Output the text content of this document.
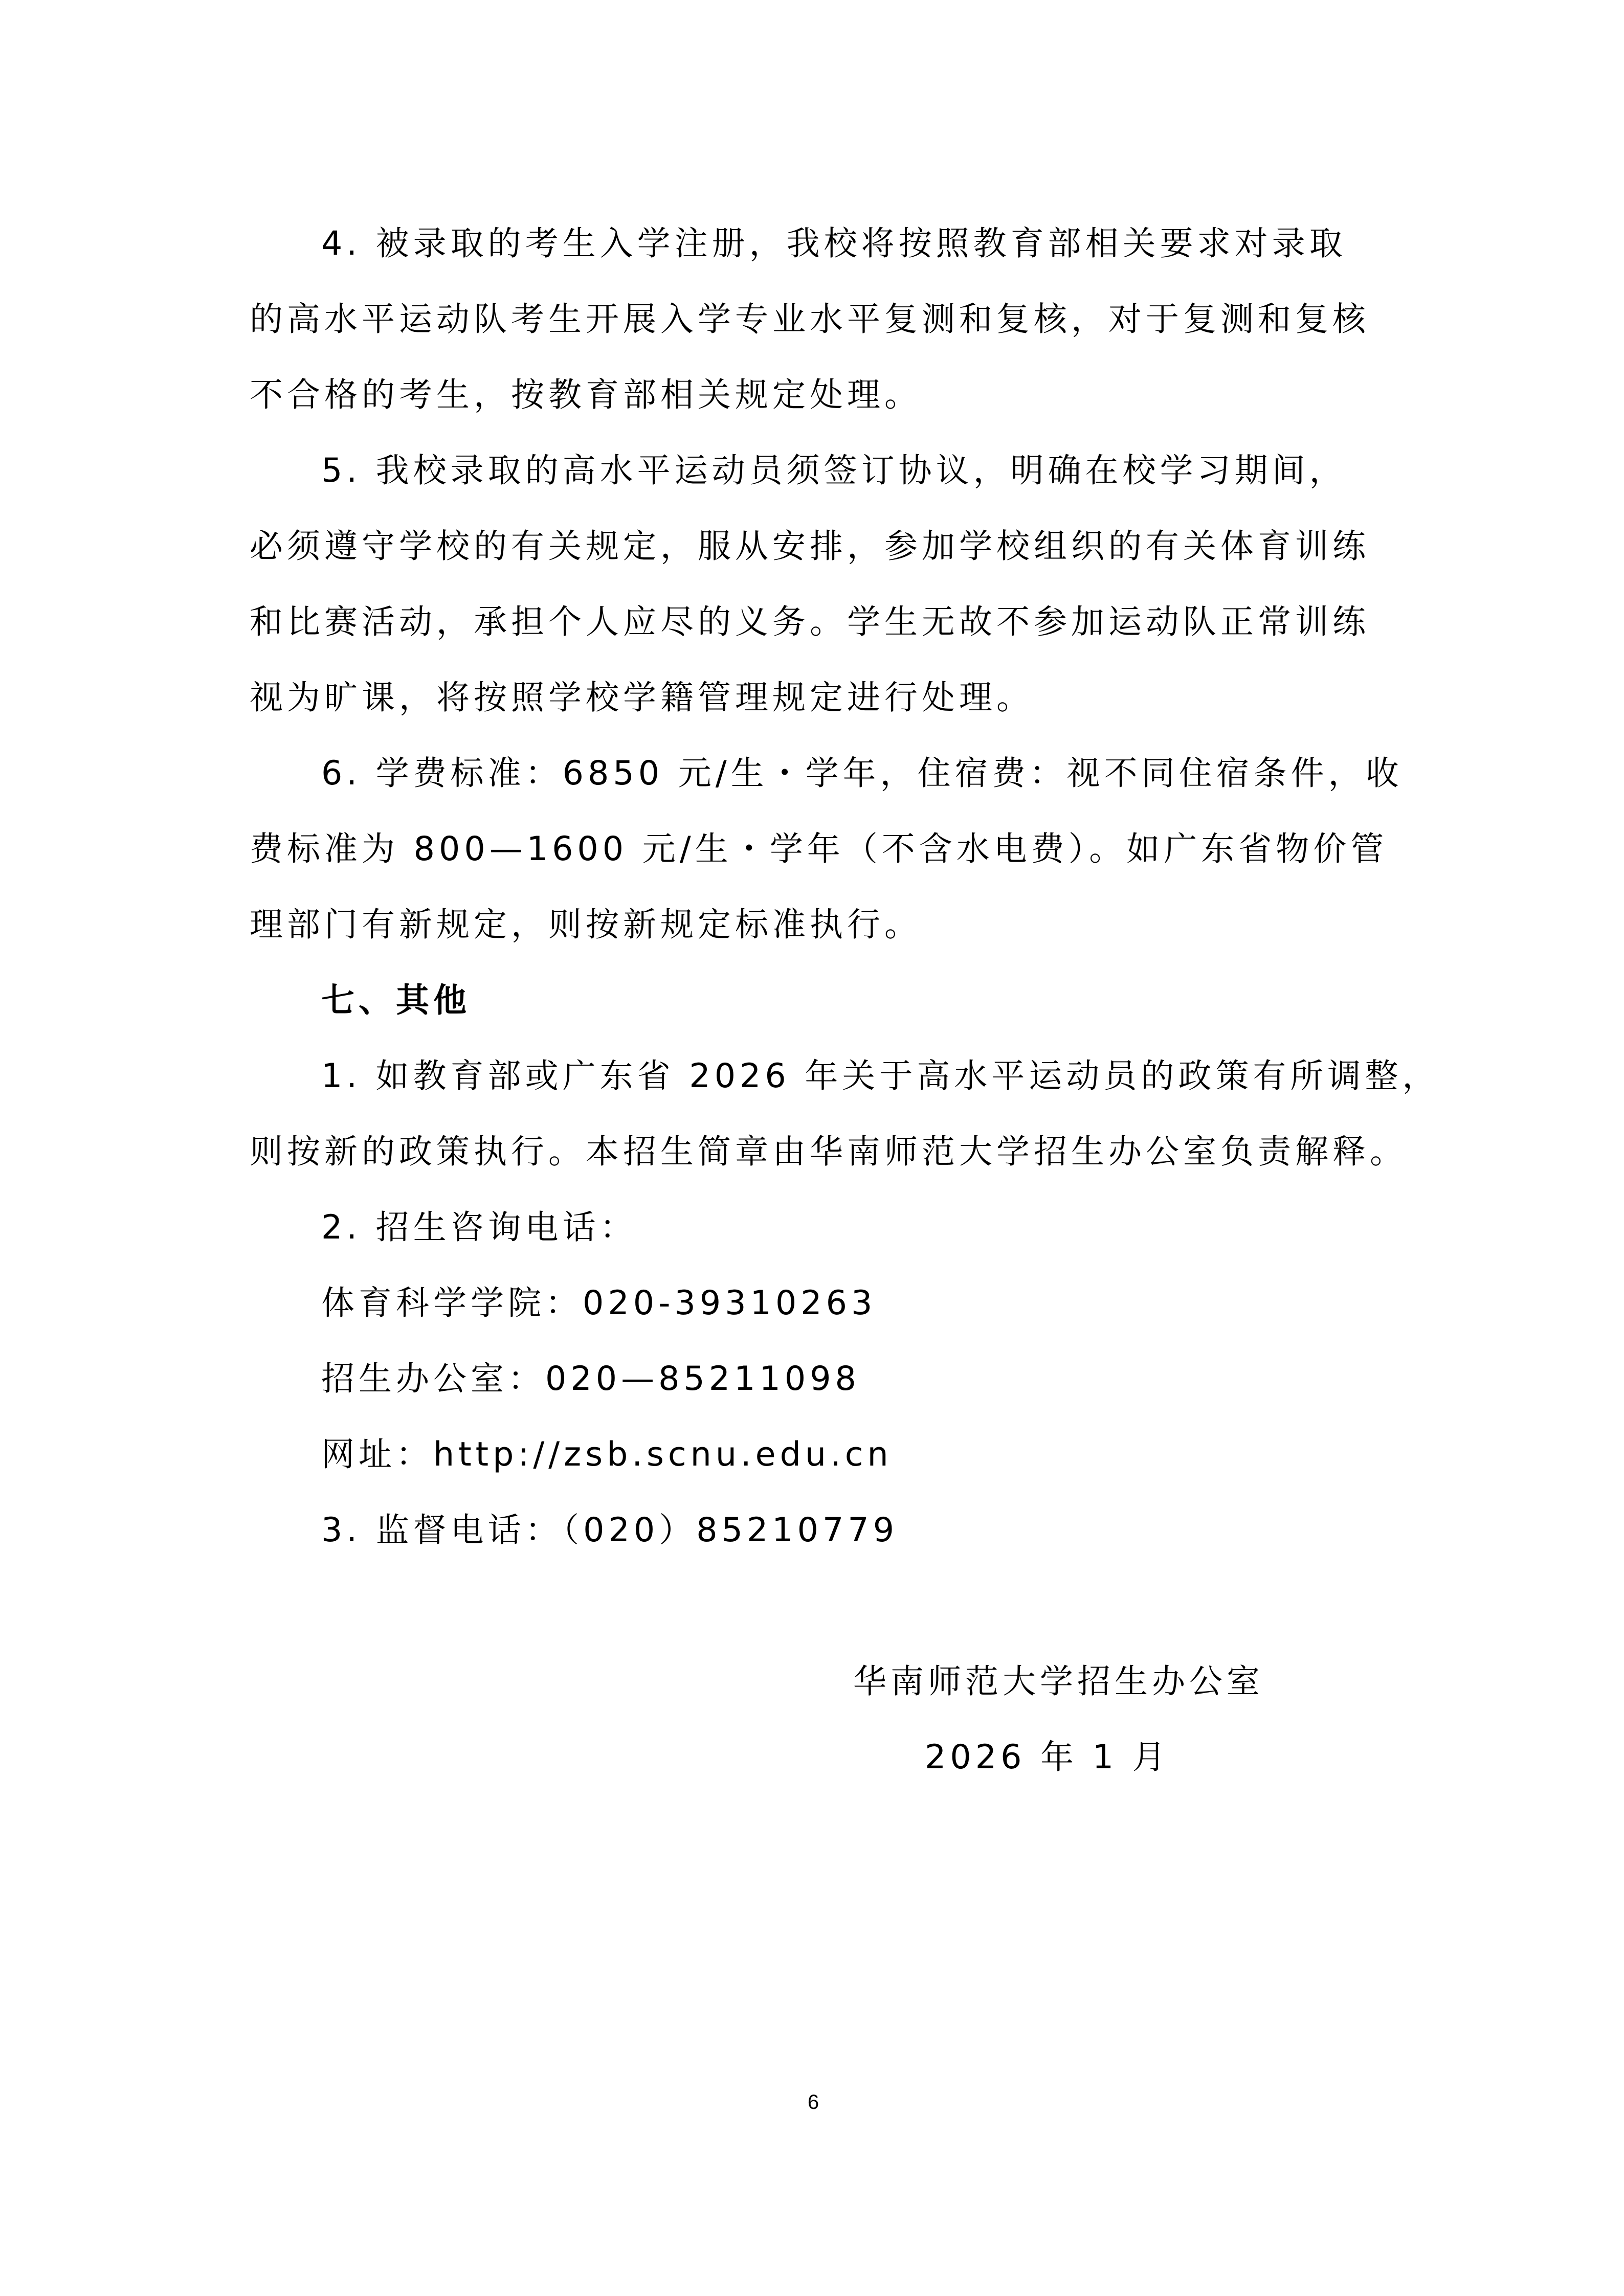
4. 被录取的考生入学注册，我校将按照教育部相关要求对录取

的高水平运动队考生开展入学专业水平复测和复核，对于复测和复核

不合格的考生，按教育部相关规定处理。

5. 我校录取的高水平运动员须签订协议，明确在校学习期间，

必须遵守学校的有关规定，服从安排，参加学校组织的有关体育训练

和比赛活动，承担个人应尽的义务。学生无故不参加运动队正常训练

视为旷课，将按照学校学籍管理规定进行处理。

6. 学费标准：6850 元/生・学年，住宿费：视不同住宿条件，收

费标准为 800—1600 元/生・学年（不含水电费）。如广东省物价管

理部门有新规定，则按新规定标准执行。

七、其他

1. 如教育部或广东省 2026 年关于高水平运动员的政策有所调整，

则按新的政策执行。本招生简章由华南师范大学招生办公室负责解释。

2. 招生咨询电话：

体育科学学院：020-39310263

招生办公室：020—85211098

网址：http://zsb.scnu.edu.cn

3. 监督电话：（020）85210779

华南师范大学招生办公室

2026 年 1 月

6
